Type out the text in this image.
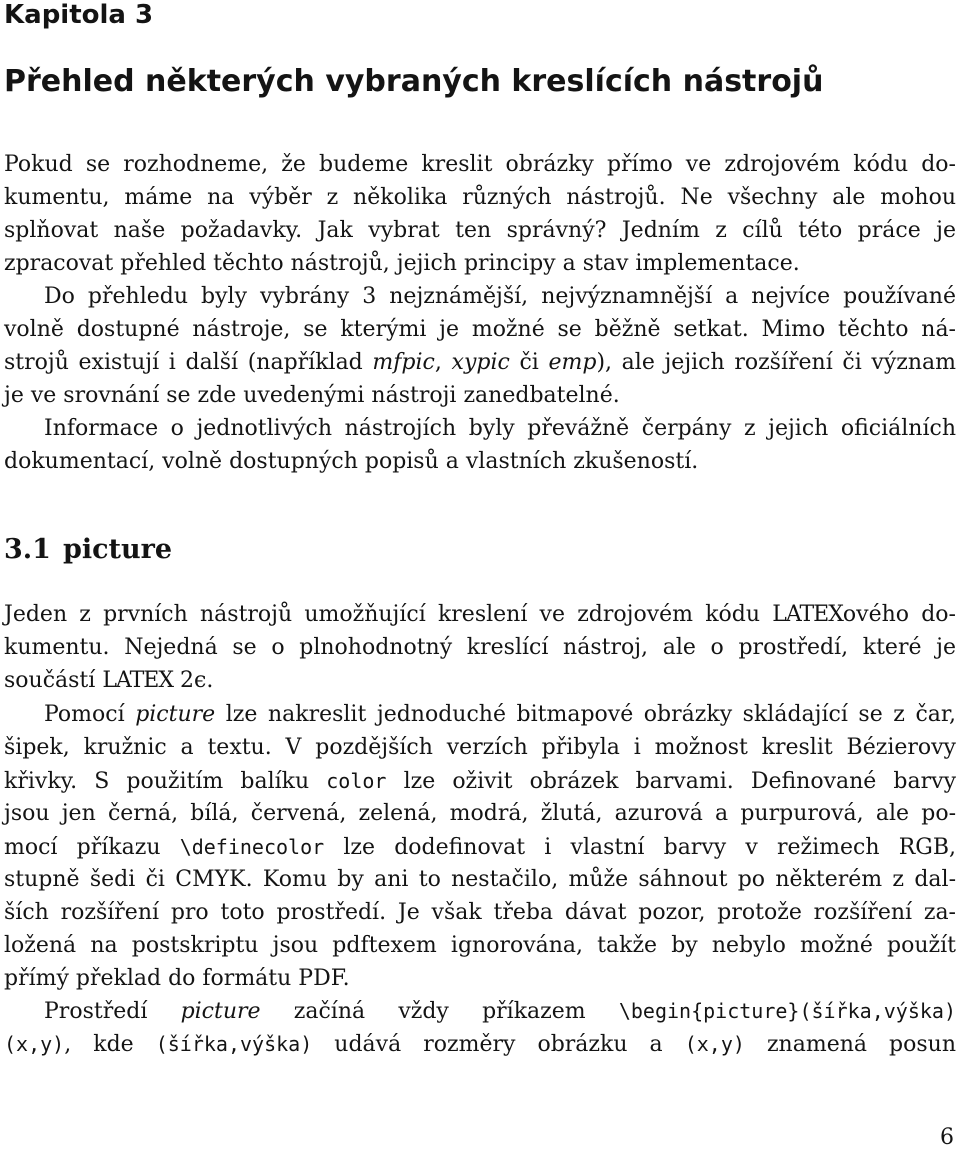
Kapitola 3
Přehled některých vybraných kreslících nástrojů
Pokud se rozhodneme, že budeme kreslit obrázky přímo ve zdrojovém kódu do-
kumentu, máme na výběr z několika různých nástrojů. Ne všechny ale mohou
splňovat naše požadavky. Jak vybrat ten správný? Jedním z cílů této práce je
zpracovat přehled těchto nástrojů, jejich principy a stav implementace.
Do přehledu byly vybrány 3 nejznámější, nejvýznamnější a nejvíce používané
volně dostupné nástroje, se kterými je možné se běžně setkat. Mimo těchto ná-
strojů existují i další (například mfpic, xypic či emp), ale jejich rozšíření či význam
je ve srovnání se zde uvedenými nástroji zanedbatelné.
Informace o jednotlivých nástrojích byly převážně čerpány z jejich oficiálních
dokumentací, volně dostupných popisů a vlastních zkušeností.
3.1 picture
Jeden z prvních nástrojů umožňující kreslení ve zdrojovém kódu LATEXového do-
kumentu. Nejedná se o plnohodnotný kreslící nástroj, ale o prostředí, které je
součástí LATEX 2ϵ.
Pomocí picture lze nakreslit jednoduché bitmapové obrázky skládající se z čar,
šipek, kružnic a textu. V pozdějších verzích přibyla i možnost kreslit Bézierovy
křivky. S použitím balíku color lze oživit obrázek barvami. Definované barvy
jsou jen černá, bílá, červená, zelená, modrá, žlutá, azurová a purpurová, ale po-
mocí příkazu \definecolor lze dodefinovat i vlastní barvy v režimech RGB,
stupně šedi či CMYK. Komu by ani to nestačilo, může sáhnout po některém z dal-
ších rozšíření pro toto prostředí. Je však třeba dávat pozor, protože rozšíření za-
ložená na postskriptu jsou pdftexem ignorována, takže by nebylo možné použít
přímý překlad do formátu PDF.
Prostředí picture začíná vždy příkazem \begin{picture}(šířka,výška)
(x,y), kde (šířka,výška) udává rozměry obrázku a (x,y) znamená posun
6
